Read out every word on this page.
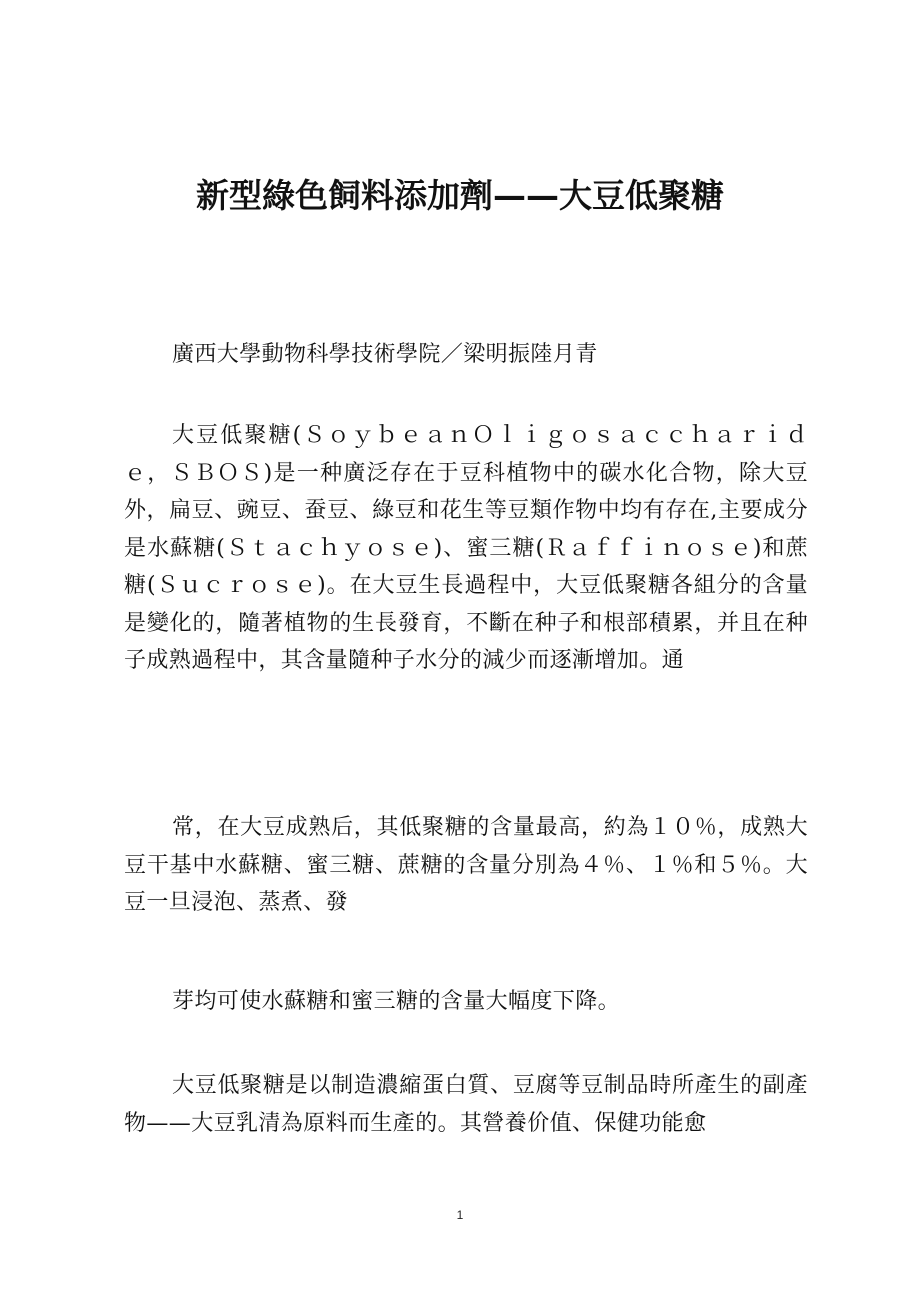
新型綠色飼料添加劑——大豆低聚糖

廣西大學動物科學技術學院／梁明振陸月青

大豆低聚糖(ＳｏｙｂｅａｎＯｌｉｇｏｓａｃｃｈａｒｉｄｅ，ＳＢＯＳ)是一种廣泛存在于豆科植物中的碳水化合物，除大豆外，扁豆、豌豆、蚕豆、綠豆和花生等豆類作物中均有存在,主要成分是水蘇糖(Ｓｔａｃｈｙｏｓｅ)、蜜三糖(Ｒａｆｆｉｎｏｓｅ)和蔗糖(Ｓｕｃｒｏｓｅ)。在大豆生長過程中，大豆低聚糖各組分的含量是變化的，隨著植物的生長發育，不斷在种子和根部積累，并且在种子成熟過程中，其含量隨种子水分的減少而逐漸增加。通

常，在大豆成熟后，其低聚糖的含量最高，約為１０％，成熟大豆干基中水蘇糖、蜜三糖、蔗糖的含量分別為４％、１％和５％。大豆一旦浸泡、蒸煮、發

芽均可使水蘇糖和蜜三糖的含量大幅度下降。

大豆低聚糖是以制造濃縮蛋白質、豆腐等豆制品時所產生的副產物——大豆乳清為原料而生產的。其營養价值、保健功能愈

1
